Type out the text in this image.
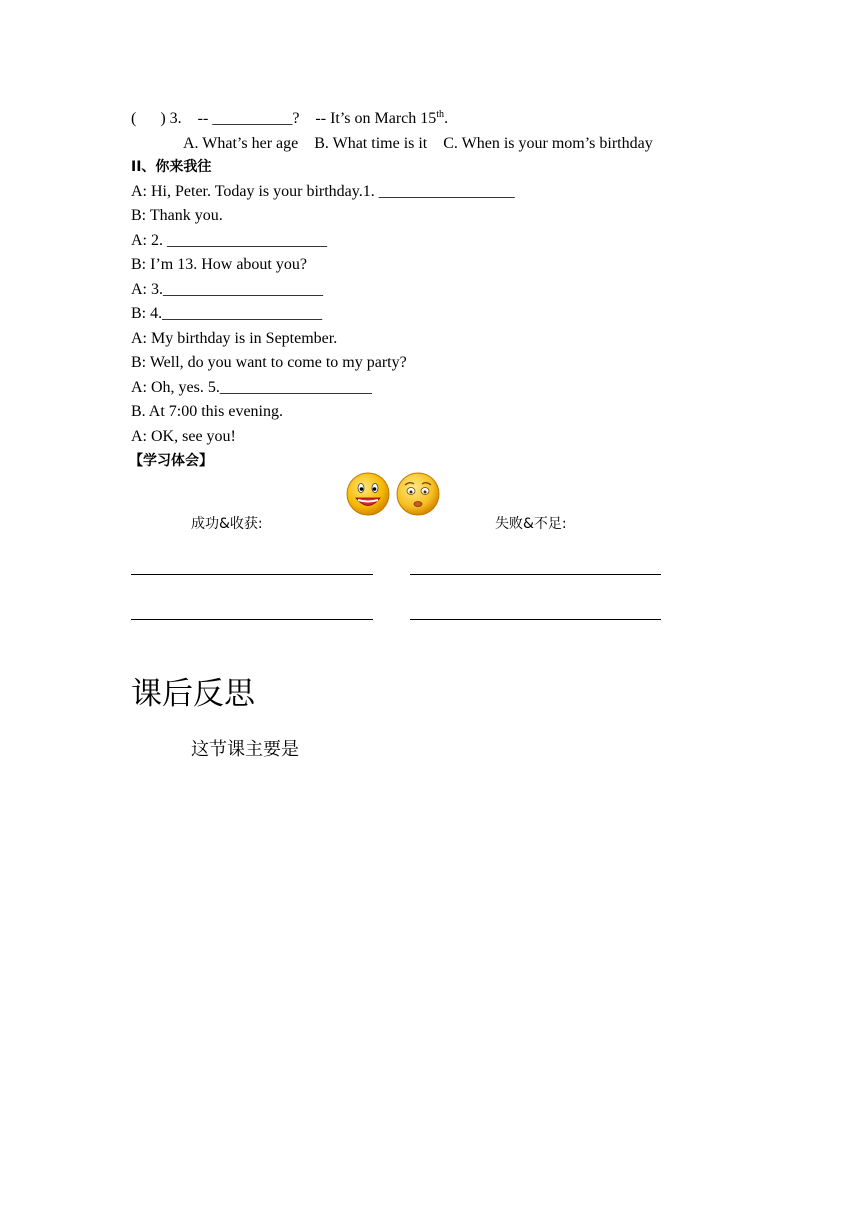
(      ) 3.    -- __________?    -- It’s on March 15th.
A. What’s her age    B. What time is it    C. When is your mom’s birthday
II、你来我往
A: Hi, Peter. Today is your birthday.1. _________________
B: Thank you.
A: 2. ____________________
B: I’m 13. How about you?
A: 3.____________________
B: 4.____________________
A: My birthday is in September.
B: Well, do you want to come to my party?
A: Oh, yes. 5.___________________
B. At 7:00 this evening.
A: OK, see you!
【学习体会】
成功&收获:	失败&不足:
课后反思
这节课主要是
